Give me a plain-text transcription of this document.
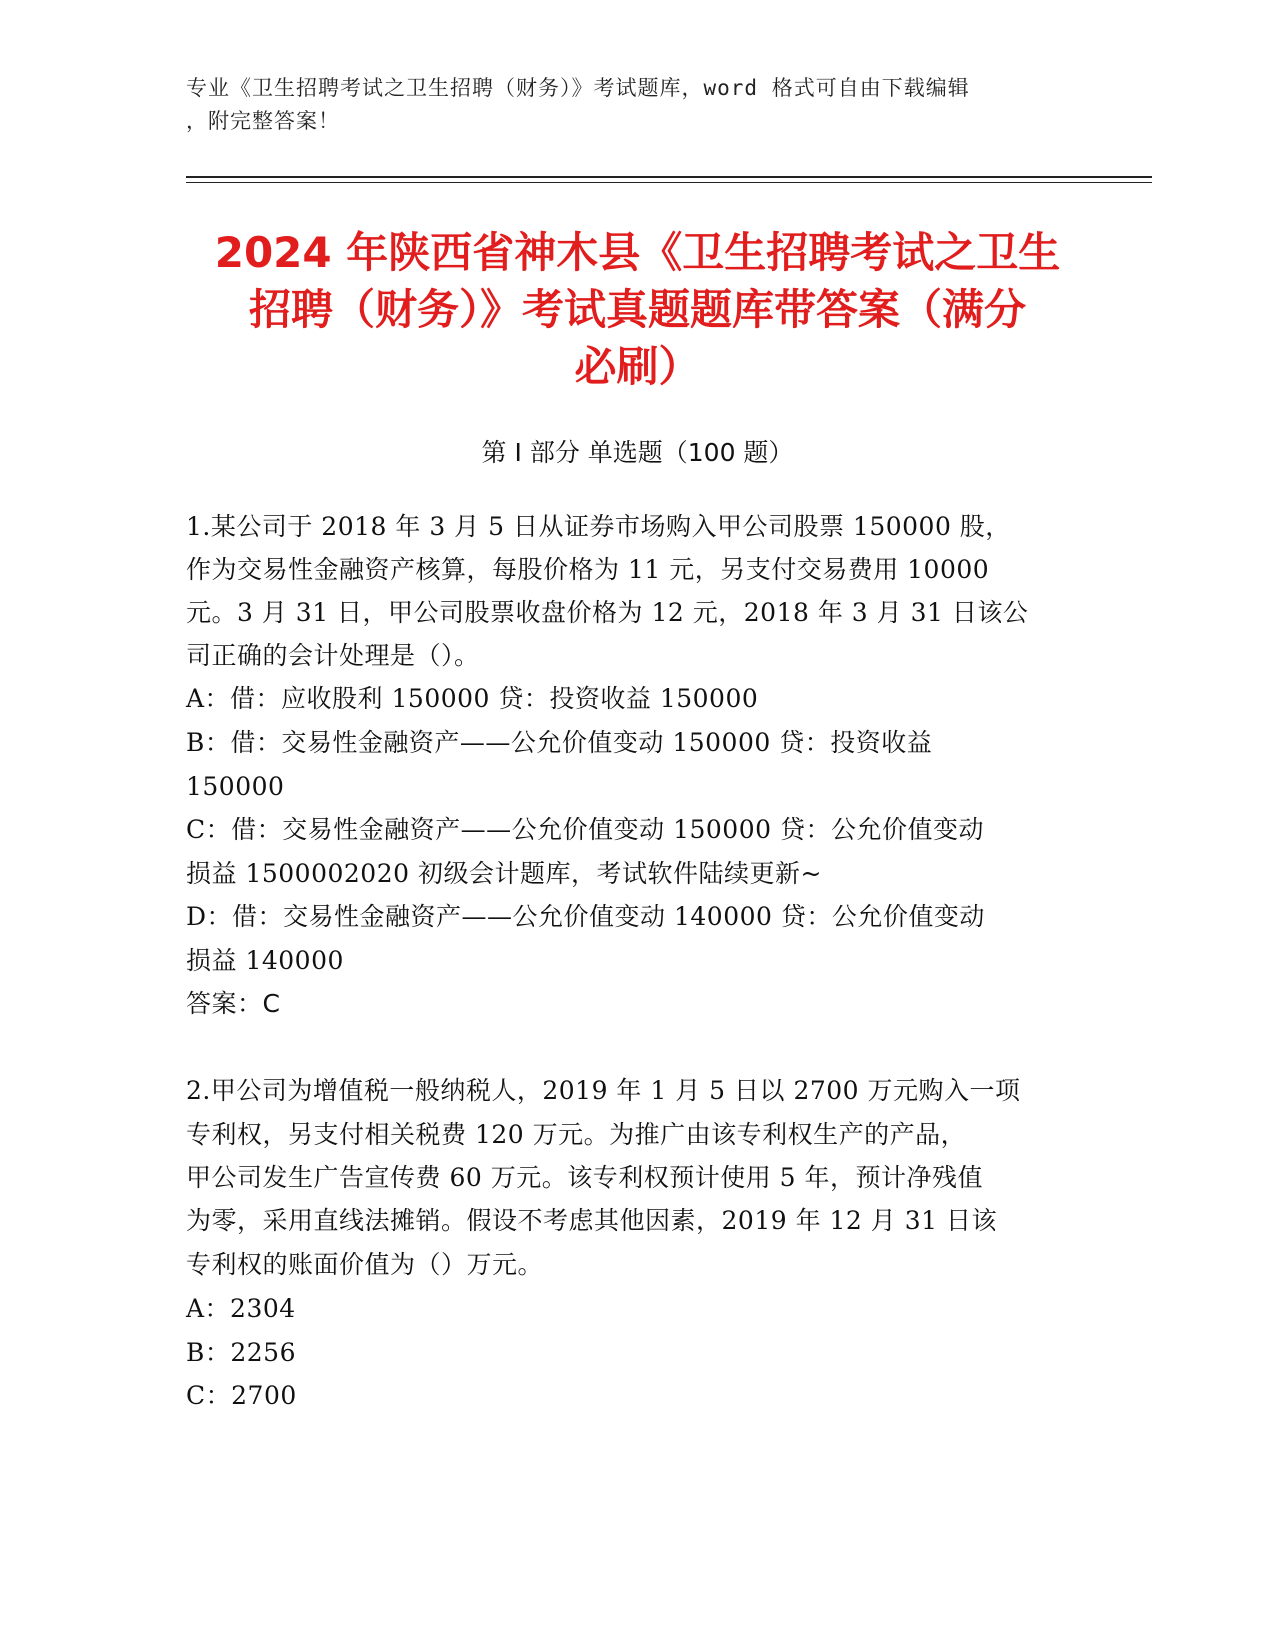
专业《卫生招聘考试之卫生招聘（财务）》考试题库，word 格式可自由下载编辑
，附完整答案！
2024 年陕西省神木县《卫生招聘考试之卫生
招聘（财务）》考试真题题库带答案（满分
必刷）
第 I 部分 单选题（100 题）
1.某公司于 2018 年 3 月 5 日从证券市场购入甲公司股票 150000 股，
作为交易性金融资产核算，每股价格为 11 元，另支付交易费用 10000
元。3 月 31 日，甲公司股票收盘价格为 12 元，2018 年 3 月 31 日该公
司正确的会计处理是（）。
A：借：应收股利 150000 贷：投资收益 150000
B：借：交易性金融资产——公允价值变动 150000 贷：投资收益
150000
C：借：交易性金融资产——公允价值变动 150000 贷：公允价值变动
损益 1500002020 初级会计题库，考试软件陆续更新~
D：借：交易性金融资产——公允价值变动 140000 贷：公允价值变动
损益 140000
答案：C
2.甲公司为增值税一般纳税人，2019 年 1 月 5 日以 2700 万元购入一项
专利权，另支付相关税费 120 万元。为推广由该专利权生产的产品，
甲公司发生广告宣传费 60 万元。该专利权预计使用 5 年，预计净残值
为零，采用直线法摊销。假设不考虑其他因素，2019 年 12 月 31 日该
专利权的账面价值为（）万元。
A：2304
B：2256
C：2700
